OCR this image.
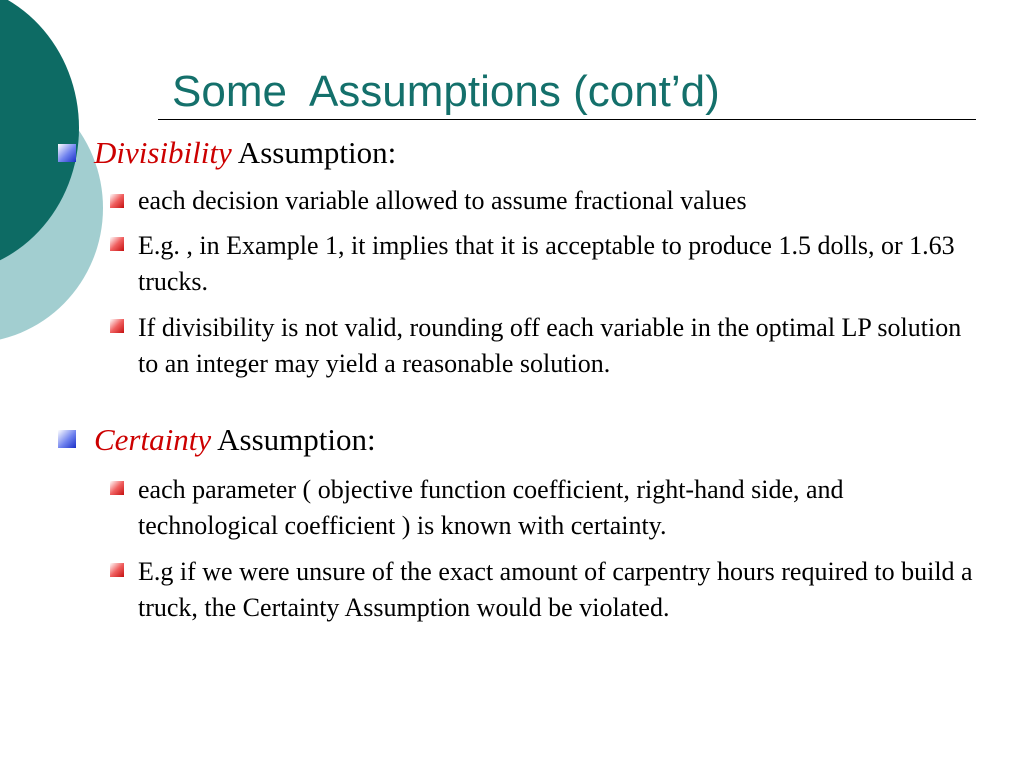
Some  Assumptions (cont’d)
Divisibility Assumption:
each decision variable allowed to assume fractional values
E.g. , in Example 1, it implies that it is acceptable to produce 1.5 dolls, or 1.63 trucks.
If divisibility is not valid, rounding off each variable in the optimal LP solution to an integer may yield a reasonable solution.
Certainty Assumption:
each parameter ( objective function coefficient, right-hand side, and technological coefficient ) is known with certainty.
E.g if we were unsure of the exact amount of carpentry hours required to build a truck, the Certainty Assumption would be violated.
